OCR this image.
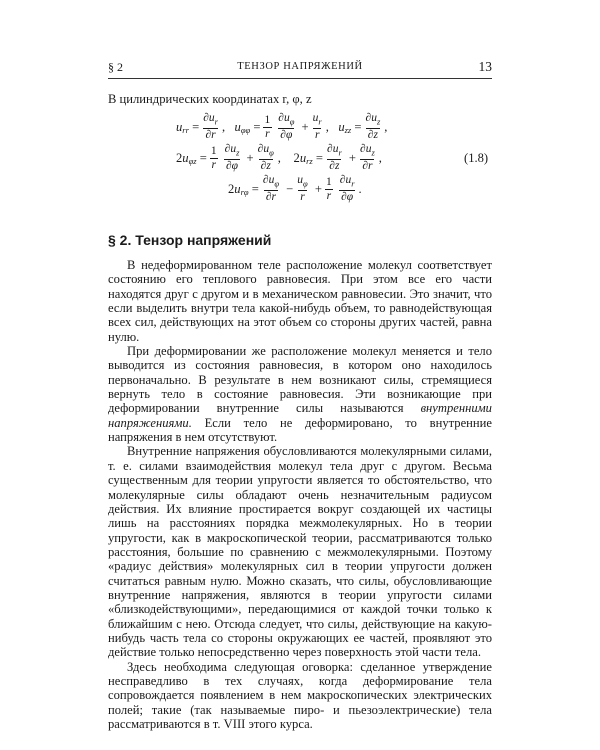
§ 2	ТЕНЗОР НАПРЯЖЕНИЙ	13
В цилиндрических координатах r, φ, z
u rr = $\frac{\partial u_r}{\partial r}$ , u $\varphi\varphi = \frac{1}{r} \frac{\partial u_\varphi}{\partial\varphi} + \frac{u_r}{r}$ , u zz = $\frac{\partial u_z}{\partial z}$ ,
2 u $\varphi z = \frac{1}{r} \frac{\partial u_z}{\partial\varphi} + \frac{\partial u_\varphi}{\partial z}$ ,    2 u rz = $\frac{\partial u_r}{\partial z} + \frac{\partial u_z}{\partial r}$ ,	(1.8)
2 u $r\varphi = \frac{\partial u_\varphi}{\partial r} - \frac{u_\varphi}{r} + \frac{1}{r} \frac{\partial u_r}{\partial\varphi}$ .
§ 2. Тензор напряжений

В недеформированном теле расположение молекул соответствует состоянию его теплового равновесия. При этом все его части находятся друг с другом и в механическом равновесии. Это значит, что если выделить внутри тела какой-нибудь объем, то равнодействующая всех сил, действующих на этот объем со стороны других частей, равна нулю.

При деформировании же расположение молекул меняется и тело выводится из состояния равновесия, в котором оно находилось первоначально. В результате в нем возникают силы, стремящиеся вернуть тело в состояние равновесия. Эти возникающие при деформировании внутренние силы называются внутренними напряжениями. Если тело не деформировано, то внутренние напряжения в нем отсутствуют.

Внутренние напряжения обусловливаются молекулярными силами, т. е. силами взаимодействия молекул тела друг с другом. Весьма существенным для теории упругости является то обстоятельство, что молекулярные силы обладают очень незначительным радиусом действия. Их влияние простирается вокруг создающей их частицы лишь на расстояниях порядка межмолекулярных. Но в теории упругости, как в макроскопической теории, рассматриваются только расстояния, большие по сравнению с межмолекулярными. Поэтому «радиус действия» молекулярных сил в теории упругости должен считаться равным нулю. Можно сказать, что силы, обусловливающие внутренние напряжения, являются в теории упругости силами «близкодействующими», передающимися от каждой точки только к ближайшим с нею. Отсюда следует, что силы, действующие на какую-нибудь часть тела со стороны окружающих ее частей, проявляют это действие только непосредственно через поверхность этой части тела.

Здесь необходима следующая оговорка: сделанное утверждение несправедливо в тех случаях, когда деформирование тела сопровождается появлением в нем макроскопических электрических полей; такие (так называемые пиро- и пьезоэлектрические) тела рассматриваются в т. VIII этого курса.
